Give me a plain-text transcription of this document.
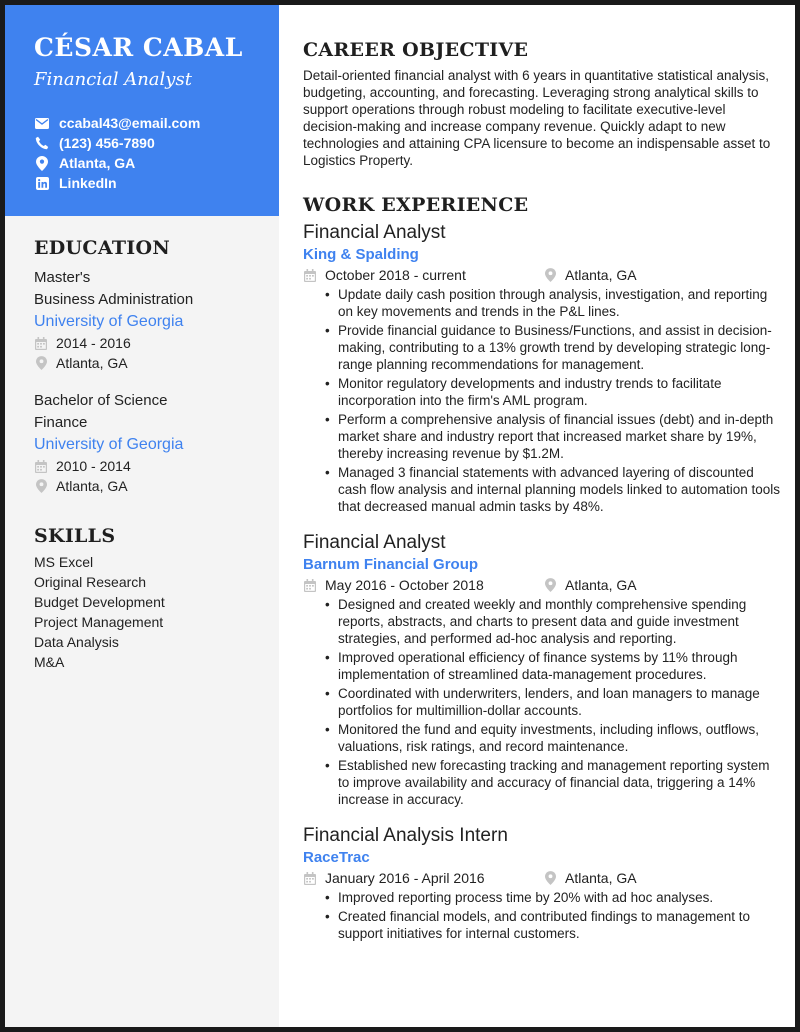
CÉSAR CABAL
Financial Analyst
ccabal43@email.com
(123) 456-7890
Atlanta, GA
LinkedIn
EDUCATION
Master's
Business Administration
University of Georgia
2014 - 2016
Atlanta, GA
Bachelor of Science
Finance
University of Georgia
2010 - 2014
Atlanta, GA
SKILLS
MS Excel
Original Research
Budget Development
Project Management
Data Analysis
M&A
CAREER OBJECTIVE

Detail-oriented financial analyst with 6 years in quantitative statistical analysis, budgeting, accounting, and forecasting. Leveraging strong analytical skills to support operations through robust modeling to facilitate executive-level decision-making and increase company revenue. Quickly adapt to new technologies and attaining CPA licensure to become an indispensable asset to Logistics Property.

WORK EXPERIENCE
Financial Analyst
King & Spalding
October 2018 - current	Atlanta, GA
• Update daily cash position through analysis, investigation, and reporting on key movements and trends in the P&L lines.
• Provide financial guidance to Business/Functions, and assist in decision-making, contributing to a 13% growth trend by developing strategic long-range planning recommendations for management.
• Monitor regulatory developments and industry trends to facilitate incorporation into the firm's AML program.
• Perform a comprehensive analysis of financial issues (debt) and in-depth market share and industry report that increased market share by 19%, thereby increasing revenue by $1.2M.
• Managed 3 financial statements with advanced layering of discounted cash flow analysis and internal planning models linked to automation tools that decreased manual admin tasks by 48%.
Financial Analyst
Barnum Financial Group
May 2016 - October 2018	Atlanta, GA
• Designed and created weekly and monthly comprehensive spending reports, abstracts, and charts to present data and guide investment strategies, and performed ad-hoc analysis and reporting.
• Improved operational efficiency of finance systems by 11% through implementation of streamlined data-management procedures.
• Coordinated with underwriters, lenders, and loan managers to manage portfolios for multimillion-dollar accounts.
• Monitored the fund and equity investments, including inflows, outflows, valuations, risk ratings, and record maintenance.
• Established new forecasting tracking and management reporting system to improve availability and accuracy of financial data, triggering a 14% increase in accuracy.
Financial Analysis Intern
RaceTrac
January 2016 - April 2016	Atlanta, GA
• Improved reporting process time by 20% with ad hoc analyses.
• Created financial models, and contributed findings to management to support initiatives for internal customers.
